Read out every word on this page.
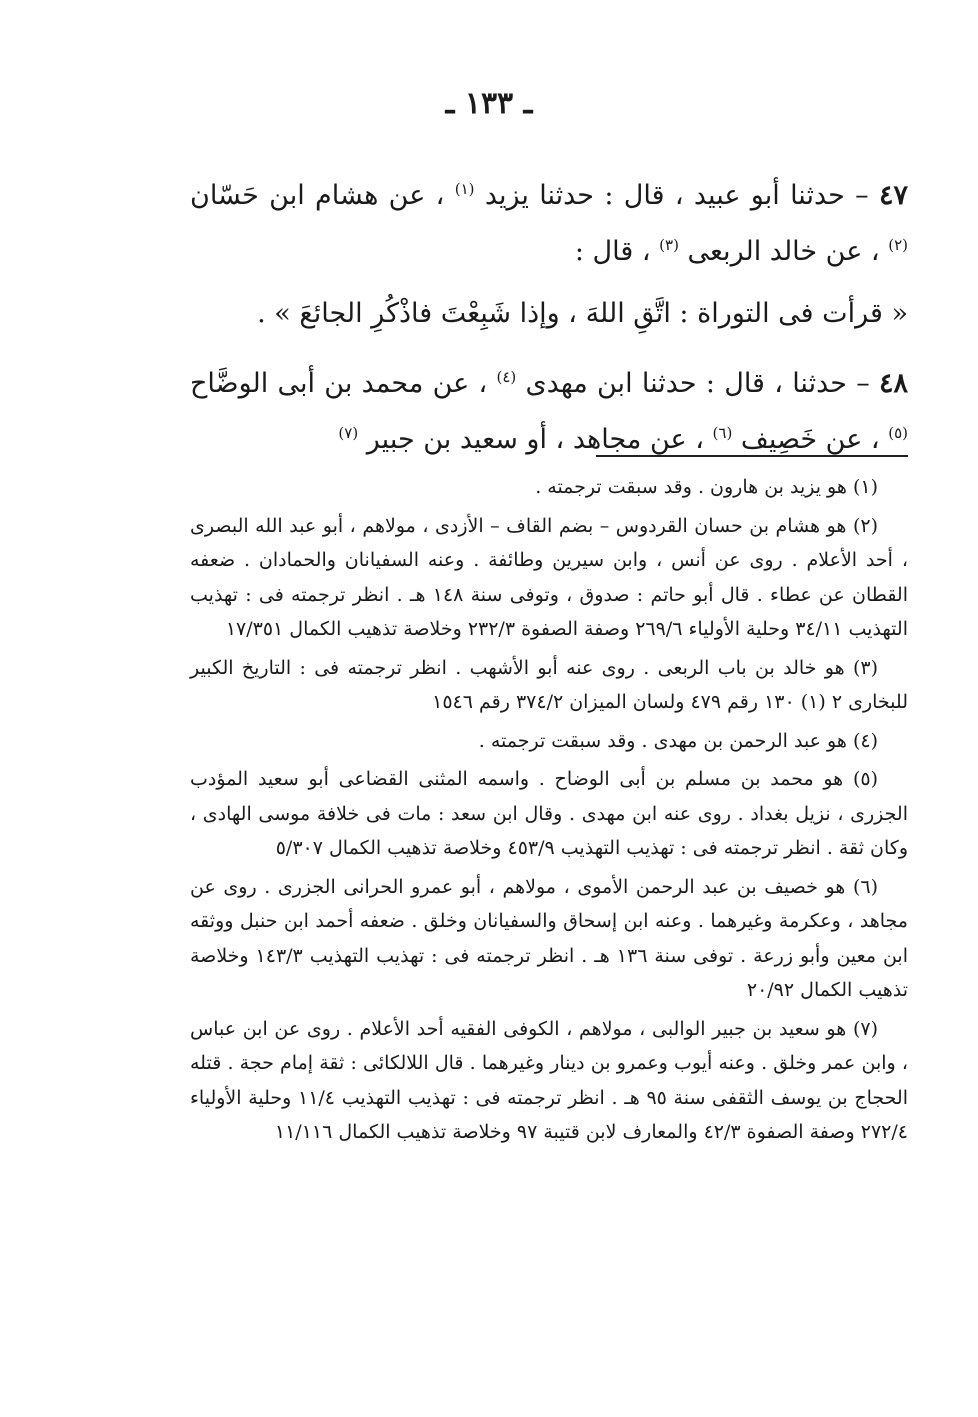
ـ ١٣٣ ـ

٤٧ – حدثنا أبو عبيد ، قال : حدثنا يزيد $^{(١)}$ ، عن هشام ابن حَسّان $^{(٢)}$ ، عن خالد الربعى $^{(٣)}$ ، قال :

« قرأت فى التوراة : اتَّقِ اللهَ ، وإذا شَبِعْتَ فاذْكُرِ الجائعَ » .

٤٨ – حدثنا ، قال : حدثنا ابن مهدى $^{(٤)}$ ، عن محمد بن أبى الوضَّاح $^{(٥)}$ ، عن خَصِيف $^{(٦)}$ ، عن مجاهد ، أو سعيد بن جبير $^{(٧)}$

(١) هو يزيد بن هارون . وقد سبقت ترجمته .

(٢) هو هشام بن حسان القردوس – بضم القاف – الأزدى ، مولاهم ، أبو عبد الله البصرى ، أحد الأعلام . روى عن أنس ، وابن سيرين وطائفة . وعنه السفيانان والحمادان . ضعفه القطان عن عطاء . قال أبو حاتم : صدوق ، وتوفى سنة ١٤٨ هـ . انظر ترجمته فى : تهذيب التهذيب ٣٤/١١ وحلية الأولياء ٢٦٩/٦ وصفة الصفوة ٢٣٢/٣ وخلاصة تذهيب الكمال ١٧/٣٥١

(٣) هو خالد بن باب الربعى . روى عنه أبو الأشهب . انظر ترجمته فى : التاريخ الكبير للبخارى ٢ (١) ١٣٠ رقم ٤٧٩ ولسان الميزان ٣٧٤/٢ رقم ١٥٤٦

(٤) هو عبد الرحمن بن مهدى . وقد سبقت ترجمته .

(٥) هو محمد بن مسلم بن أبى الوضاح . واسمه المثنى القضاعى أبو سعيد المؤدب الجزرى ، نزيل بغداد . روى عنه ابن مهدى . وقال ابن سعد : مات فى خلافة موسى الهادى ، وكان ثقة . انظر ترجمته فى : تهذيب التهذيب ٤٥٣/٩ وخلاصة تذهيب الكمال ٥/٣٠٧

(٦) هو خصيف بن عبد الرحمن الأموى ، مولاهم ، أبو عمرو الحرانى الجزرى . روى عن مجاهد ، وعكرمة وغيرهما . وعنه ابن إسحاق والسفيانان وخلق . ضعفه أحمد ابن حنبل ووثقه ابن معين وأبو زرعة . توفى سنة ١٣٦ هـ . انظر ترجمته فى : تهذيب التهذيب ١٤٣/٣ وخلاصة تذهيب الكمال ٢٠/٩٢

(٧) هو سعيد بن جبير الوالبى ، مولاهم ، الكوفى الفقيه أحد الأعلام . روى عن ابن عباس ، وابن عمر وخلق . وعنه أيوب وعمرو بن دينار وغيرهما . قال اللالكائى : ثقة إمام حجة . قتله الحجاج بن يوسف الثقفى سنة ٩٥ هـ . انظر ترجمته فى : تهذيب التهذيب ١١/٤ وحلية الأولياء ٢٧٢/٤ وصفة الصفوة ٤٢/٣ والمعارف لابن قتيبة ٩٧ وخلاصة تذهيب الكمال ١١/١١٦
